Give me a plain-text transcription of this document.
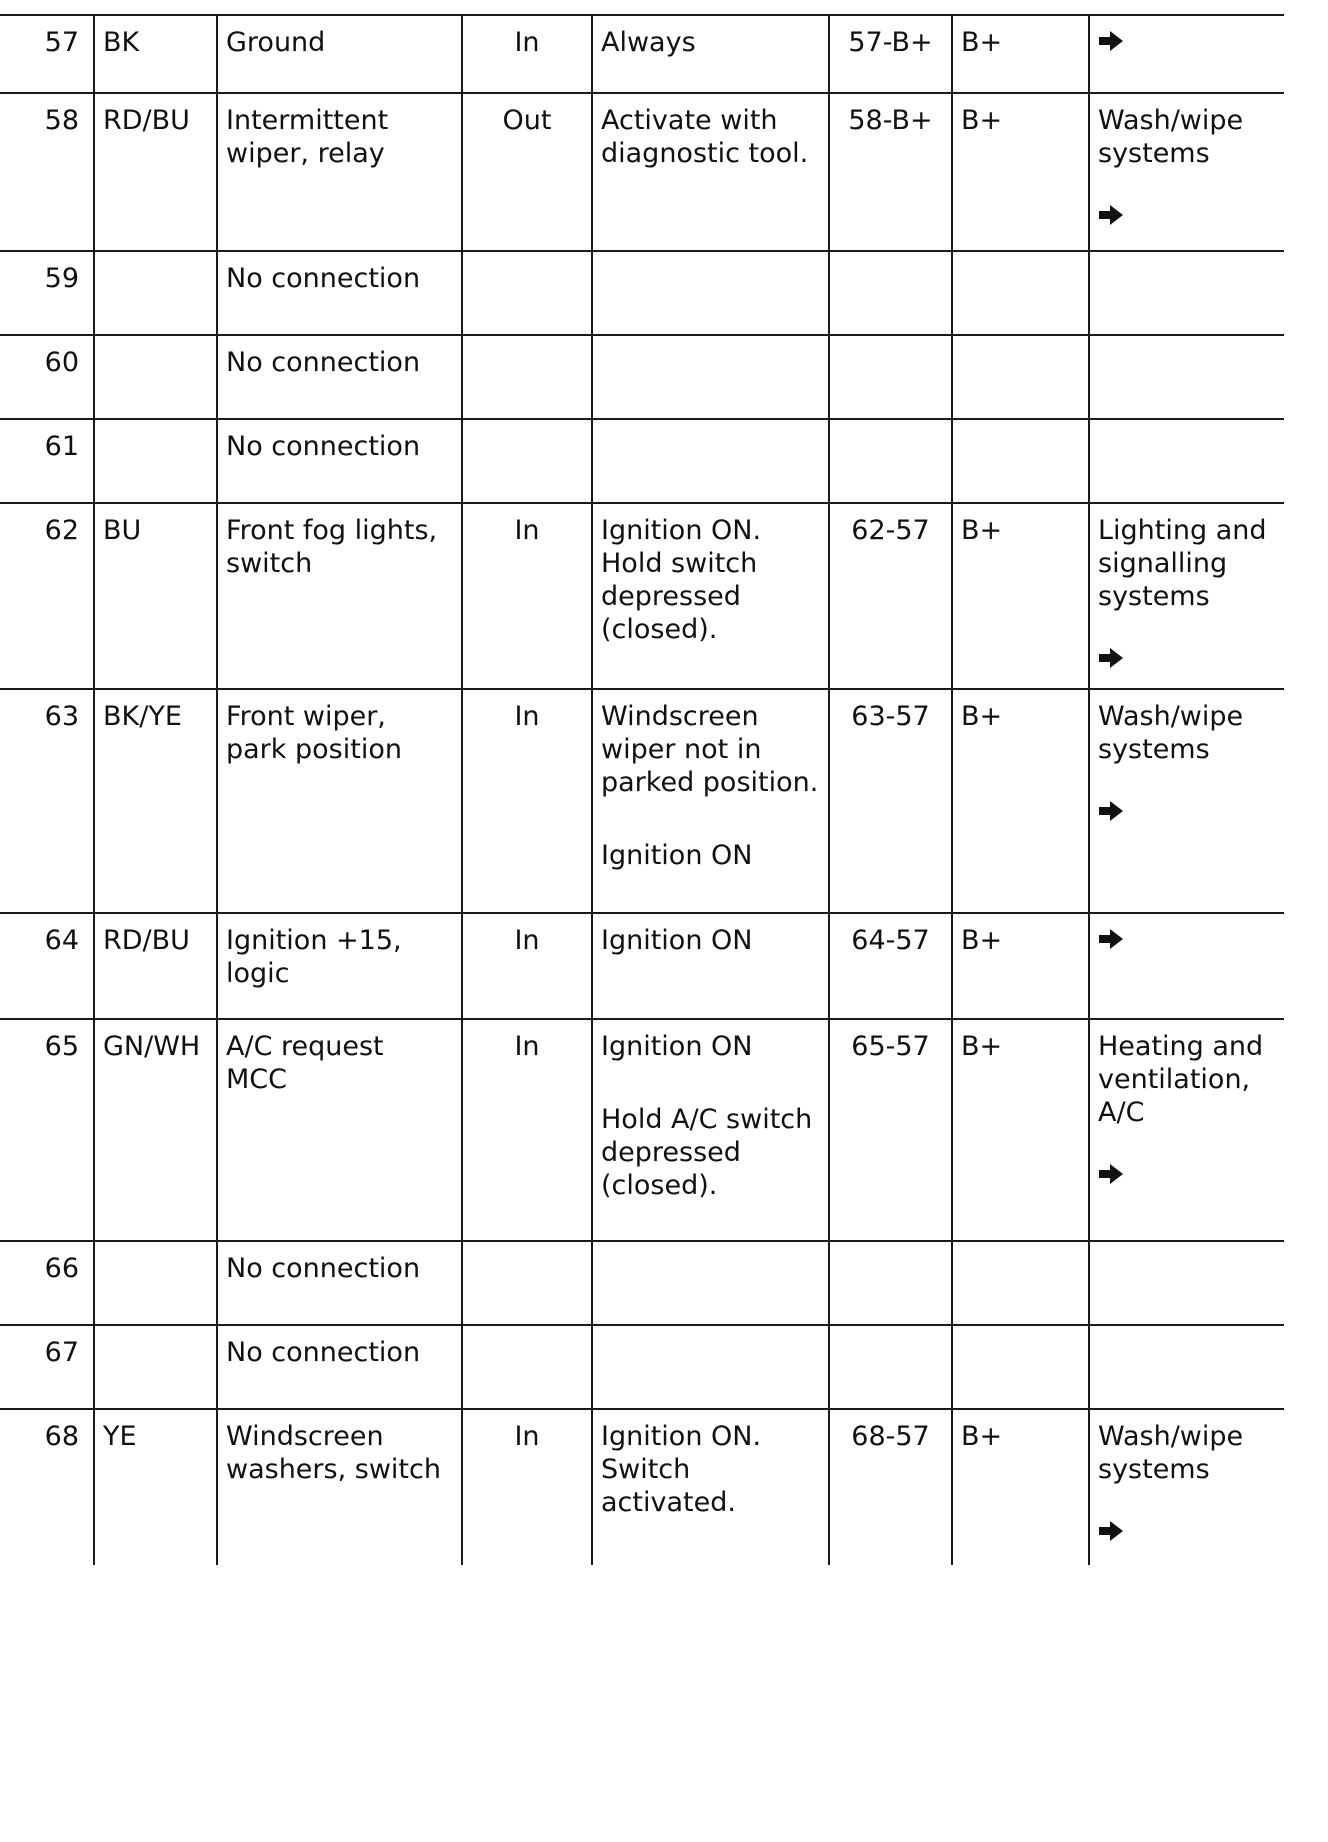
57	BK	Ground	In	Always	57-B+	B+	

58	RD/BU	Intermittent wiper, relay	Out	Activate with diagnostic tool.	58-B+	B+	Wash/wipe systems

59		No connection					
60		No connection					
61		No connection					
62	BU	Front fog lights, switch	In	Ignition ON. Hold switch depressed (closed).	62-57	B+	Lighting and signalling systems

63	BK/YE	Front wiper, park position	In	Windscreen wiper not in parked position.
Ignition ON	63-57	B+	Wash/wipe systems

64	RD/BU	Ignition +15, logic	In	Ignition ON	64-57	B+	

65	GN/WH	A/C request MCC	In	Ignition ON
Hold A/C switch depressed (closed).	65-57	B+	Heating and ventilation, A/C

66		No connection					
67		No connection					
68	YE	Windscreen washers, switch	In	Ignition ON. Switch activated.	68-57	B+	Wash/wipe systems
